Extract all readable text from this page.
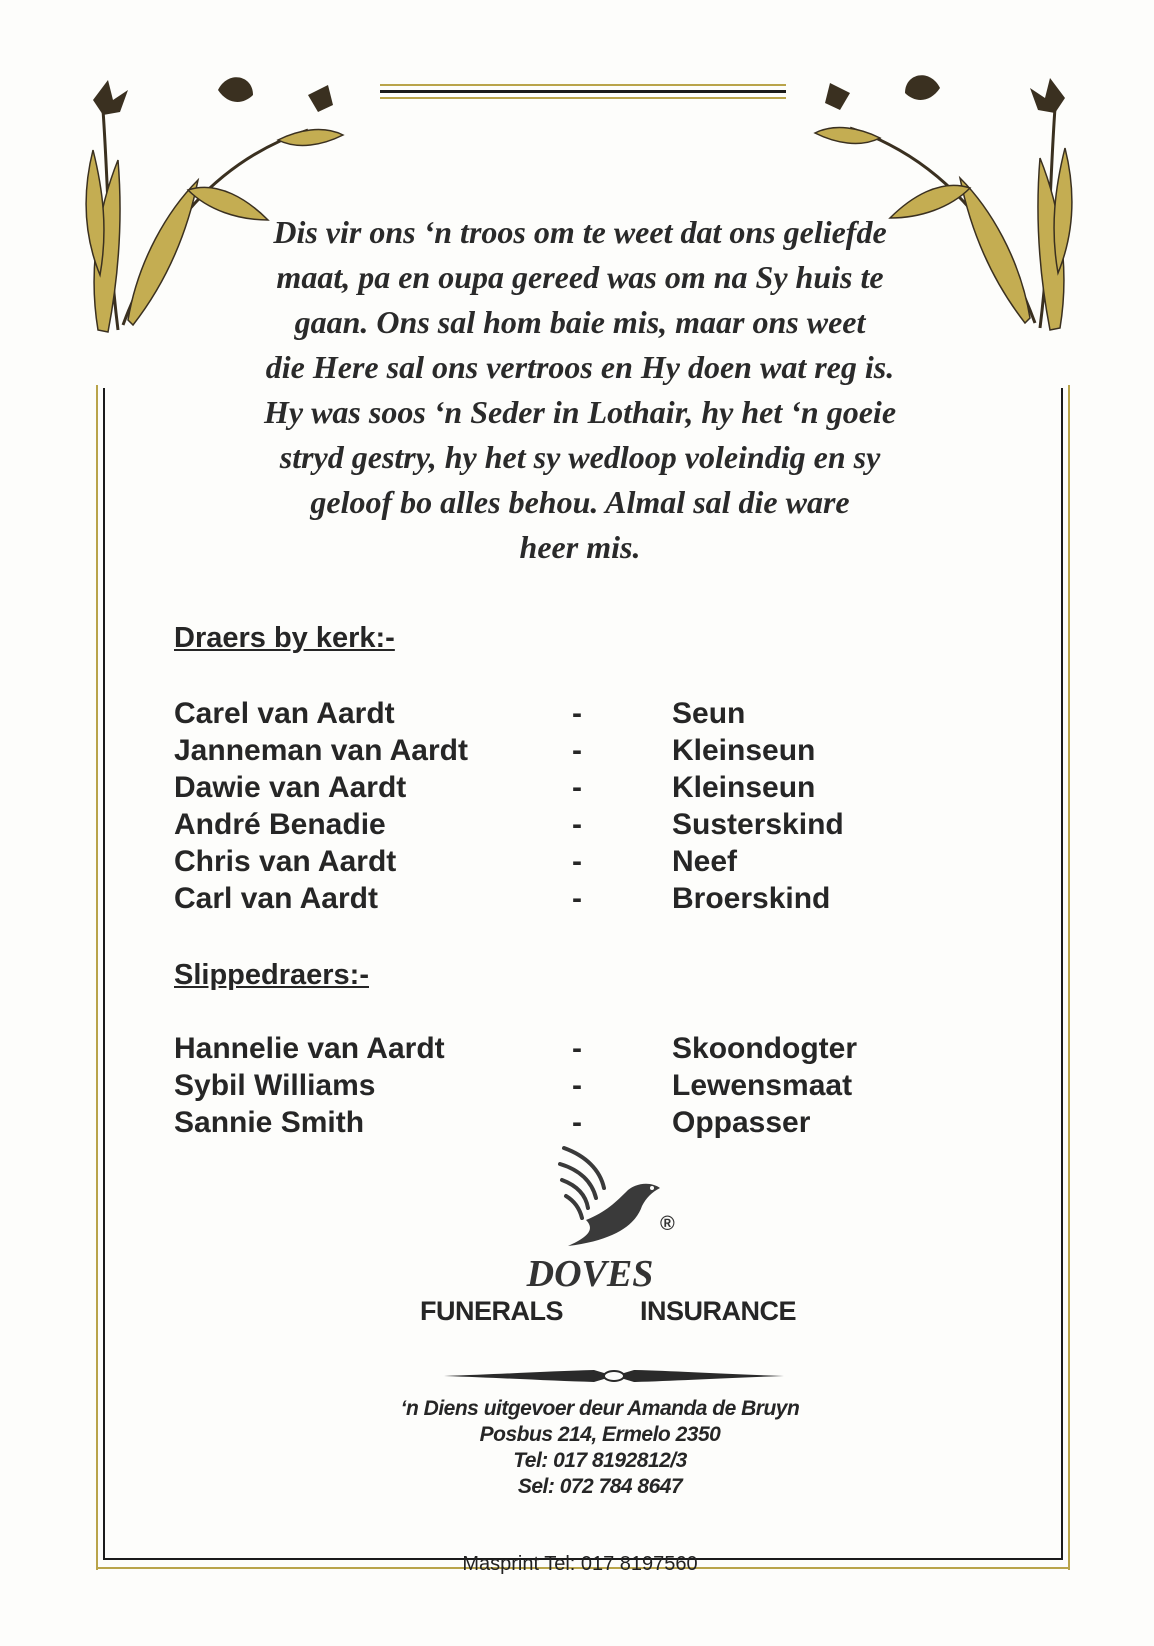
Dis vir ons ‘n troos om te weet dat ons geliefde
maat, pa en oupa gereed was om na Sy huis te
gaan. Ons sal hom baie mis, maar ons weet
die Here sal ons vertroos en Hy doen wat reg is.
Hy was soos ‘n Seder in Lothair, hy het ‘n goeie
stryd gestry, hy het sy wedloop voleindig en sy
geloof bo alles behou. Almal sal die ware
heer mis.
Draers by kerk:-
Carel van Aardt	-	Seun
Janneman van Aardt	-	Kleinseun
Dawie van Aardt	-	Kleinseun
André Benadie	-	Susterskind
Chris van Aardt	-	Neef
Carl van Aardt	-	Broerskind
Slippedraers:-
Hannelie van Aardt	-	Skoondogter
Sybil Williams	-	Lewensmaat
Sannie Smith	-	Oppasser
®
DOVES
FUNERALS	INSURANCE
‘n Diens uitgevoer deur Amanda de Bruyn
Posbus 214, Ermelo 2350
Tel: 017 8192812/3
Sel: 072 784 8647
Masprint Tel: 017 8197560
